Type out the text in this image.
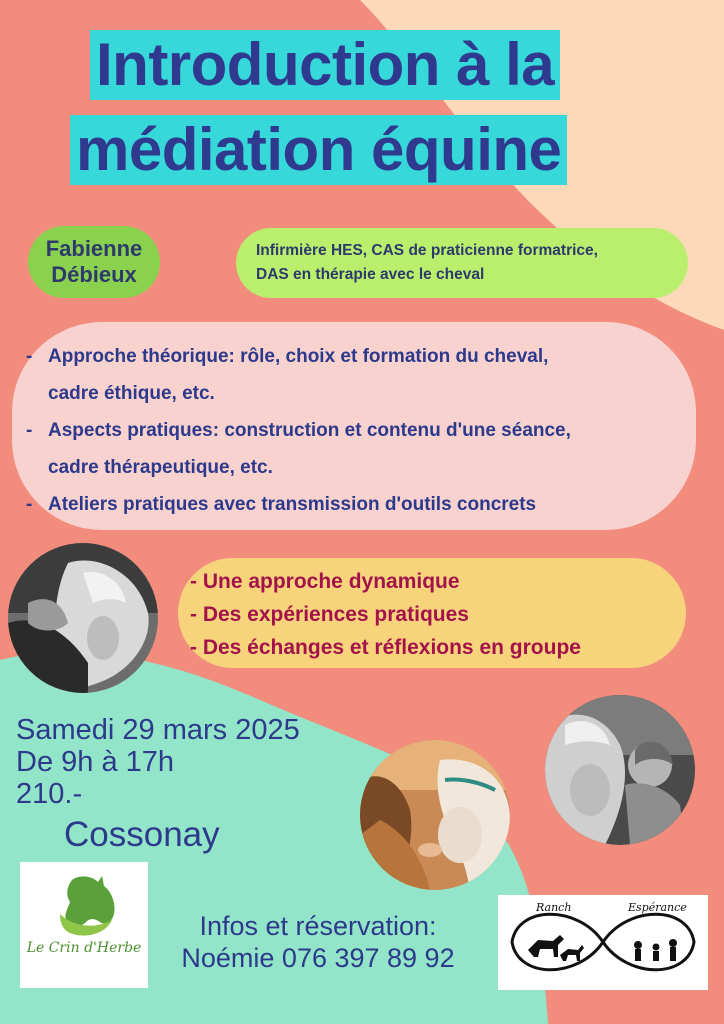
Introduction à la
médiation équine
Fabienne
Débieux
Infirmière HES, CAS de praticienne formatrice,
DAS en thérapie avec le cheval
- Approche théorique: rôle, choix et formation du cheval,
cadre éthique, etc.
- Aspects pratiques: construction et contenu d'une séance,
cadre thérapeutique, etc.
- Ateliers pratiques avec transmission d'outils concrets
- Une approche dynamique
- Des expériences pratiques
- Des échanges et réflexions en groupe
Samedi 29 mars 2025
De 9h à 17h
210.-
Cossonay
Le Crin d'Herbe
Infos et réservation:
Noémie 076 397 89 92
Ranch	Espérance
